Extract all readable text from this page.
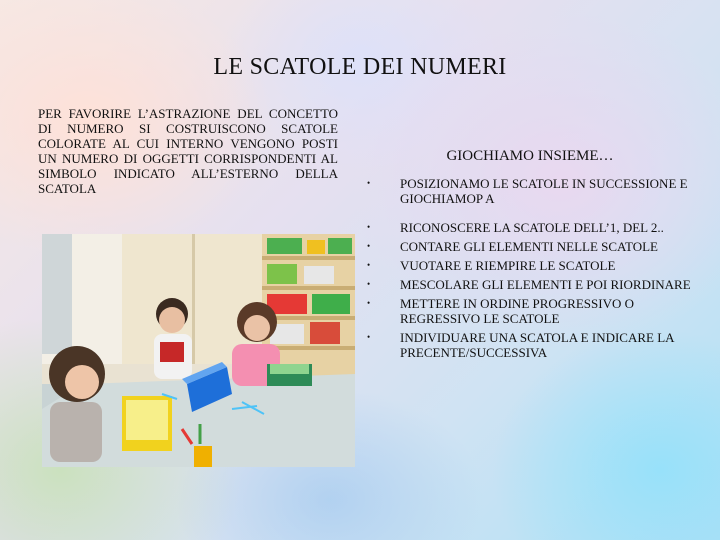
LE SCATOLE DEI NUMERI
PER FAVORIRE L’ASTRAZIONE DEL CONCETTO DI NUMERO SI COSTRUISCONO SCATOLE COLORATE AL CUI INTERNO VENGONO POSTI UN NUMERO DI OGGETTI CORRISPONDENTI AL SIMBOLO INDICATO ALL’ESTERNO DELLA SCATOLA
GIOCHIAMO INSIEME…
• POSIZIONAMO LE SCATOLE IN SUCCESSIONE E GIOCHIAMOP A
• RICONOSCERE LA SCATOLE DELL’1, DEL 2..
• CONTARE GLI ELEMENTI NELLE SCATOLE
• VUOTARE E RIEMPIRE LE SCATOLE
• MESCOLARE GLI ELEMENTI E POI RIORDINARE
• METTERE IN ORDINE PROGRESSIVO O REGRESSIVO LE SCATOLE
• INDIVIDUARE UNA SCATOLA E INDICARE LA PRECENTE/SUCCESSIVA
